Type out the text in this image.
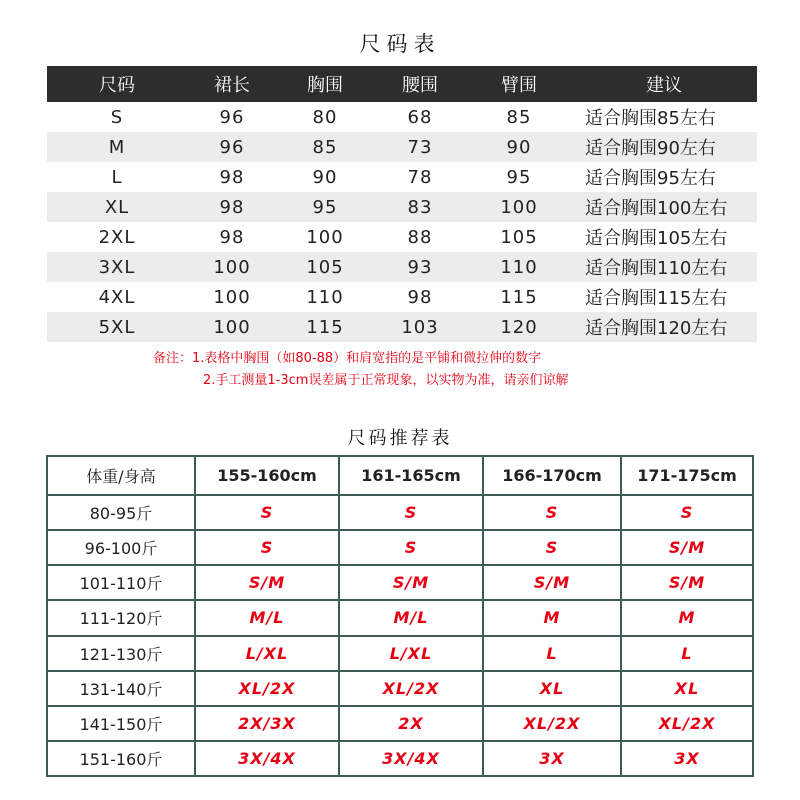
尺码表
尺码	裙长	胸围	腰围	臂围	建议
S	96	80	68	85	适合胸围85左右
M	96	85	73	90	适合胸围90左右
L	98	90	78	95	适合胸围95左右
XL	98	95	83	100	适合胸围100左右
2XL	98	100	88	105	适合胸围105左右
3XL	100	105	93	110	适合胸围110左右
4XL	100	110	98	115	适合胸围115左右
5XL	100	115	103	120	适合胸围120左右
备注：1.表格中胸围（如80-88）和肩宽指的是平铺和微拉伸的数字
2.手工测量1-3cm误差属于正常现象，以实物为准，请亲们谅解
尺码推荐表
体重/身高	155-160cm	161-165cm	166-170cm	171-175cm
80-95斤	S	S	S	S
96-100斤	S	S	S	S/M
101-110斤	S/M	S/M	S/M	S/M
111-120斤	M/L	M/L	M	M
121-130斤	L/XL	L/XL	L	L
131-140斤	XL/2X	XL/2X	XL	XL
141-150斤	2X/3X	2X	XL/2X	XL/2X
151-160斤	3X/4X	3X/4X	3X	3X
